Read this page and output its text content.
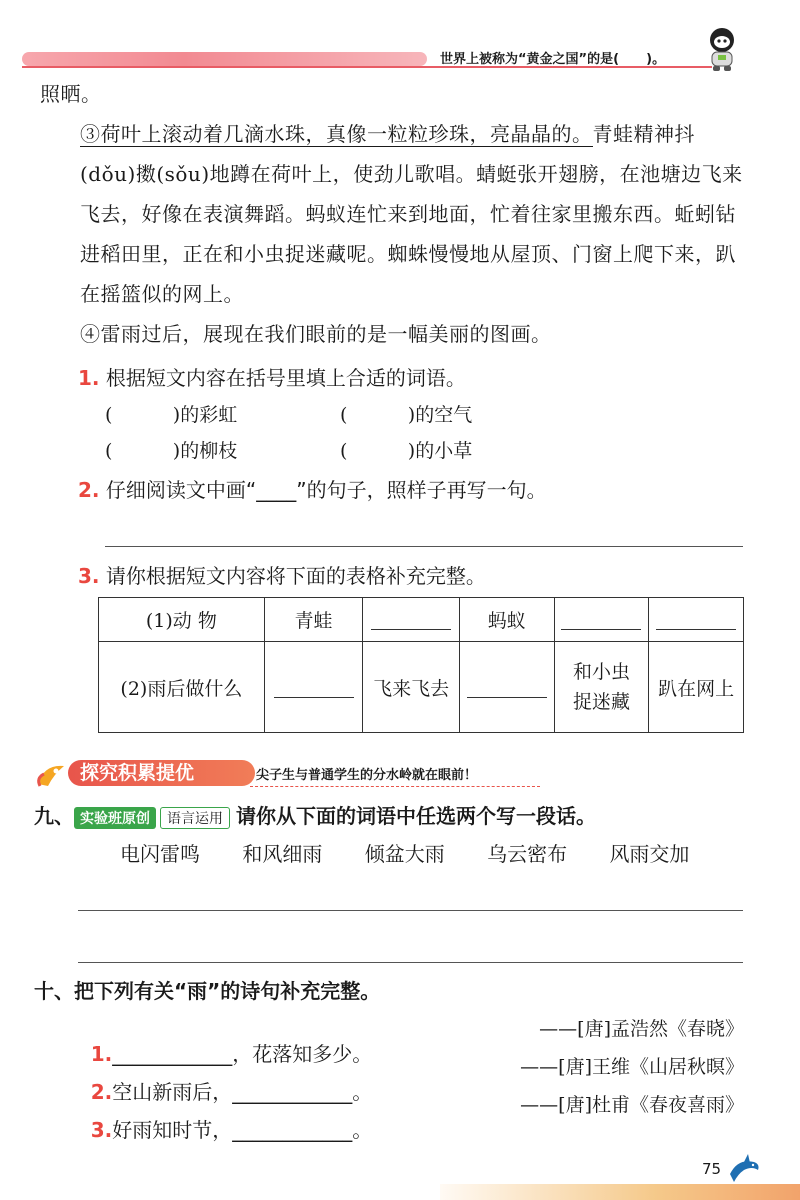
世界上被称为“黄金之国”的是(      )。
照晒。
③荷叶上滚动着几滴水珠，真像一粒粒珍珠，亮晶晶的。青蛙精神抖(dǒu)擞(sǒu)地蹲在荷叶上，使劲儿歌唱。蜻蜓张开翅膀，在池塘边飞来飞去，好像在表演舞蹈。蚂蚁连忙来到地面，忙着往家里搬东西。蚯蚓钻进稻田里，正在和小虫捉迷藏呢。蜘蛛慢慢地从屋顶、门窗上爬下来，趴在摇篮似的网上。
④雷雨过后，展现在我们眼前的是一幅美丽的图画。
1. 根据短文内容在括号里填上合适的词语。
(          )的彩虹	(          )的空气
(          )的柳枝	(          )的小草
2. 仔细阅读文中画“____”的句子，照样子再写一句。
3. 请你根据短文内容将下面的表格补充完整。
(1)动 物	青蛙		蚂蚁		
(2)雨后做什么		飞来飞去		和小虫捉迷藏	趴在网上
探究积累提优	尖子生与普通学生的分水岭就在眼前！
九、 实验班原创 语言运用 请你从下面的词语中任选两个写一段话。
电闪雷鸣 和风细雨 倾盆大雨 乌云密布 风雨交加
十、把下列有关“雨”的诗句补充完整。

1.____________，花落知多少。

——[唐]孟浩然《春晓》

2.空山新雨后，____________。

——[唐]王维《山居秋暝》

3.好雨知时节，____________。

——[唐]杜甫《春夜喜雨》
75
